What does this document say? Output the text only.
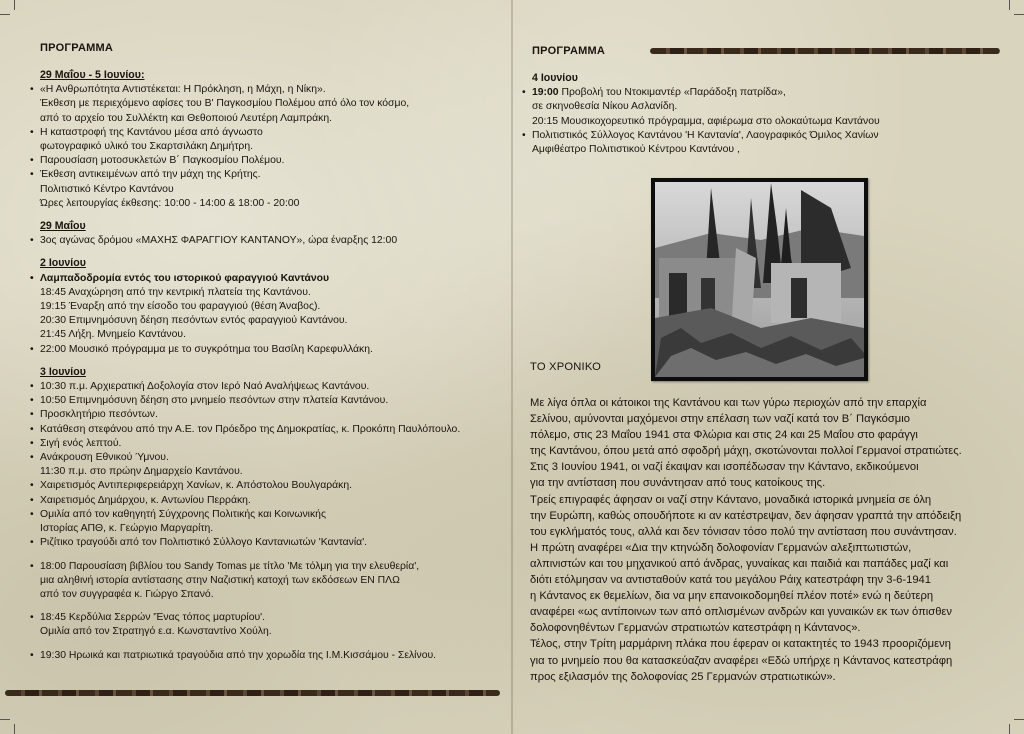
ΠΡΟΓΡΑΜΜΑ
29 Μαΐου - 5 Ιουνίου:
• «Η Ανθρωπότητα Αντιστέκεται: Η Πρόκληση, η Μάχη, η Νίκη».
Έκθεση με περιεχόμενο αφίσες του Β' Παγκοσμίου Πολέμου από όλο τον κόσμο,
από το αρχείο του Συλλέκτη και Θεθοποιού Λευτέρη Λαμπράκη.
• Η καταστροφή της Καντάνου μέσα από άγνωστο
φωτογραφικό υλικό του Σκαρτσιλάκη Δημήτρη.
• Παρουσίαση μοτοσυκλετών Β΄ Παγκοσμίου Πολέμου.
• Έκθεση αντικειμένων από την μάχη της Κρήτης.
Πολιτιστικό Κέντρο Καντάνου
Ώρες λειτουργίας έκθεσης: 10:00 - 14:00 & 18:00 - 20:00
29 Μαΐου
• 3ος αγώνας δρόμου «ΜΑΧΗΣ ΦΑΡΑΓΓΙΟΥ ΚΑΝΤΑΝΟΥ», ώρα έναρξης 12:00
2 Ιουνίου
• Λαμπαδοδρομία εντός του ιστορικού φαραγγιού Καντάνου
18:45 Αναχώρηση από την κεντρική πλατεία της Καντάνου.
19:15 Έναρξη από την είσοδο του φαραγγιού (θέση Άναβος).
20:30 Επιμνημόσυνη δέηση πεσόντων εντός φαραγγιού Καντάνου.
21:45 Λήξη. Μνημείο Καντάνου.
• 22:00 Μουσικό πρόγραμμα με το συγκρότημα του Βασίλη Καρεφυλλάκη.
3 Ιουνίου
• 10:30 π.μ. Αρχιερατική Δοξολογία στον Ιερό Ναό Αναλήψεως Καντάνου.
• 10:50 Επιμνημόσυνη δέηση στο μνημείο πεσόντων στην πλατεία Καντάνου.
• Προσκλητήριο πεσόντων.
• Κατάθεση στεφάνου από την Α.Ε. τον Πρόεδρο της Δημοκρατίας, κ. Προκόπη Παυλόπουλο.
• Σιγή ενός λεπτού.
• Ανάκρουση Εθνικού Ύμνου.
11:30 π.μ. στο πρώην Δημαρχείο Καντάνου.
• Χαιρετισμός Αντιπεριφερειάρχη Χανίων, κ. Απόστολου Βουλγαράκη.
• Χαιρετισμός Δημάρχου, κ. Αντωνίου Περράκη.
• Ομιλία από τον καθηγητή Σύγχρονης Πολιτικής και Κοινωνικής
Ιστορίας ΑΠΘ, κ. Γεώργιο Μαργαρίτη.
• Ριζίτικο τραγούδι από τον Πολιτιστικό Σύλλογο Καντανιωτών 'Καντανία'.
• 18:00 Παρουσίαση βιβλίου του Sandy Tomas με τίτλο 'Με τόλμη για την ελευθερία',
μια αληθινή ιστορία αντίστασης στην Ναζιστική κατοχή των εκδόσεων ΕΝ ΠΛΩ
από τον συγγραφέα κ. Γιώργο Σπανό.
• 18:45 Κερδύλια Σερρών 'Ένας τόπος μαρτυρίου'.
Ομιλία από τον Στρατηγό ε.α. Κωνσταντίνο Χούλη.
• 19:30 Ηρωικά και πατριωτικά τραγούδια από την χορωδία της Ι.Μ.Κισσάμου - Σελίνου.
ΠΡΟΓΡΑΜΜΑ
4 Ιουνίου
• 19:00 Προβολή του Ντοκιμαντέρ «Παράδοξη πατρίδα»,
σε σκηνοθεσία Νίκου Ασλανίδη.
20:15 Μουσικοχορευτικό πρόγραμμα, αφιέρωμα στο ολοκαύτωμα Καντάνου
• Πολιτιστικός Σύλλογος Καντάνου 'Η Καντανία', Λαογραφικός Όμιλος Χανίων
Αμφιθέατρο Πολιτιστικού Κέντρου Καντάνου ,
ΤΟ ΧΡΟΝΙΚΟ
Με λίγα όπλα οι κάτοικοι της Καντάνου και των γύρω περιοχών από την επαρχία
Σελίνου, αμύνονται μαχόμενοι στην επέλαση των ναζί κατά τον Β΄ Παγκόσμιο
πόλεμο, στις 23 Μαΐου 1941 στα Φλώρια και στις 24 και 25 Μαΐου στο φαράγγι
της Καντάνου, όπου μετά από σφοδρή μάχη, σκοτώνονται πολλοί Γερμανοί στρατιώτες.
Στις 3 Ιουνίου 1941, οι ναζί έκαψαν και ισοπέδωσαν την Κάντανο, εκδικούμενοι
για την αντίσταση που συνάντησαν από τους κατοίκους της.
Τρείς επιγραφές άφησαν οι ναζί στην Κάντανο, μοναδικά ιστορικά μνημεία σε όλη
την Ευρώπη, καθώς οπουδήποτε κι αν κατέστρεψαν, δεν άφησαν γραπτά την απόδειξη
του εγκλήματός τους, αλλά και δεν τόνισαν τόσο πολύ την αντίσταση που συνάντησαν.
Η πρώτη αναφέρει «Δια την κτηνώδη δολοφονίαν Γερμανών αλεξιπτωτιστών,
αλπινιστών και του μηχανικού από άνδρας, γυναίκας και παιδιά και παπάδες μαζί και
διότι ετόλμησαν να αντισταθούν κατά του μεγάλου Ράιχ κατεστράφη την 3-6-1941
η Κάντανος εκ θεμελίων, δια να μην επανοικοδομηθεί πλέον ποτέ» ενώ η δεύτερη
αναφέρει «ως αντίποινων των από οπλισμένων ανδρών και γυναικών εκ των όπισθεν
δολοφονηθέντων Γερμανών στρατιωτών κατεστράφη η Κάντανος».
Τέλος, στην Τρίτη μαρμάρινη πλάκα που έφεραν οι κατακτητές το 1943 προοριζόμενη
για το μνημείο που θα κατασκεύαζαν αναφέρει «Εδώ υπήρχε η Κάντανος κατεστράφη
προς εξιλασμόν της δολοφονίας 25 Γερμανών στρατιωτικών».
